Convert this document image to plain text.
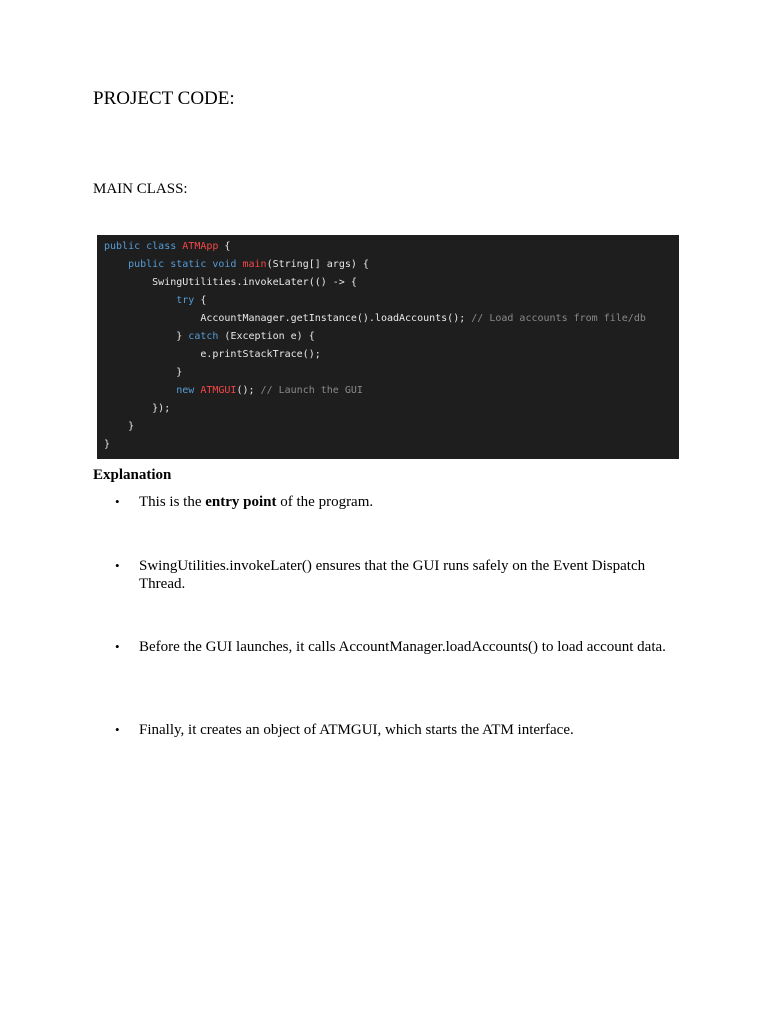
PROJECT CODE:
MAIN CLASS:
public class ATMApp {
public static void main(String[] args) {
SwingUtilities.invokeLater(() -> {
try {
AccountManager.getInstance().loadAccounts(); // Load accounts from file/db
} catch (Exception e) {
e.printStackTrace();
}
new ATMGUI(); // Launch the GUI
});
}
}
Explanation
• This is the entry point of the program.
• SwingUtilities.invokeLater() ensures that the GUI runs safely on the Event Dispatch Thread.
• Before the GUI launches, it calls AccountManager.loadAccounts() to load account data.
• Finally, it creates an object of ATMGUI, which starts the ATM interface.
